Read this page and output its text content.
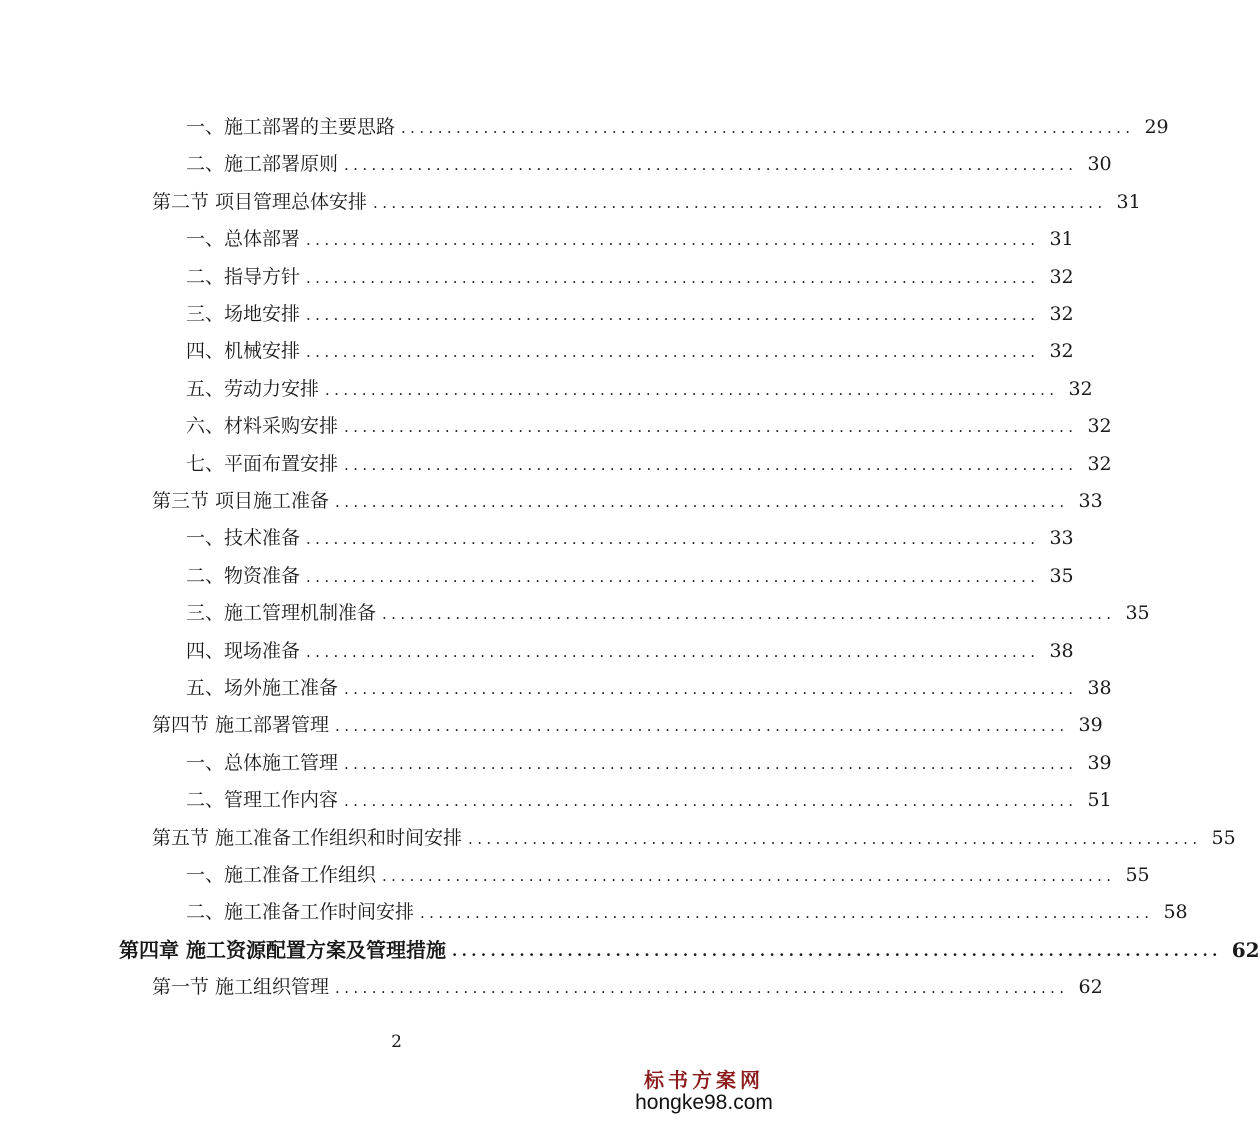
一、施工部署的主要思路 ................................................................................ 29
二、施工部署原则 ................................................................................ 30
第二节 项目管理总体安排 ................................................................................ 31
一、总体部署 ................................................................................ 31
二、指导方针 ................................................................................ 32
三、场地安排 ................................................................................ 32
四、机械安排 ................................................................................ 32
五、劳动力安排 ................................................................................ 32
六、材料采购安排 ................................................................................ 32
七、平面布置安排 ................................................................................ 32
第三节 项目施工准备 ................................................................................ 33
一、技术准备 ................................................................................ 33
二、物资准备 ................................................................................ 35
三、施工管理机制准备 ................................................................................ 35
四、现场准备 ................................................................................ 38
五、场外施工准备 ................................................................................ 38
第四节 施工部署管理 ................................................................................ 39
一、总体施工管理 ................................................................................ 39
二、管理工作内容 ................................................................................ 51
第五节 施工准备工作组织和时间安排 ................................................................................ 55
一、施工准备工作组织 ................................................................................ 55
二、施工准备工作时间安排 ................................................................................ 58
第四章 施工资源配置方案及管理措施 ................................................................................ 62
第一节 施工组织管理 ................................................................................ 62
2
标书方案网
hongke98.com
